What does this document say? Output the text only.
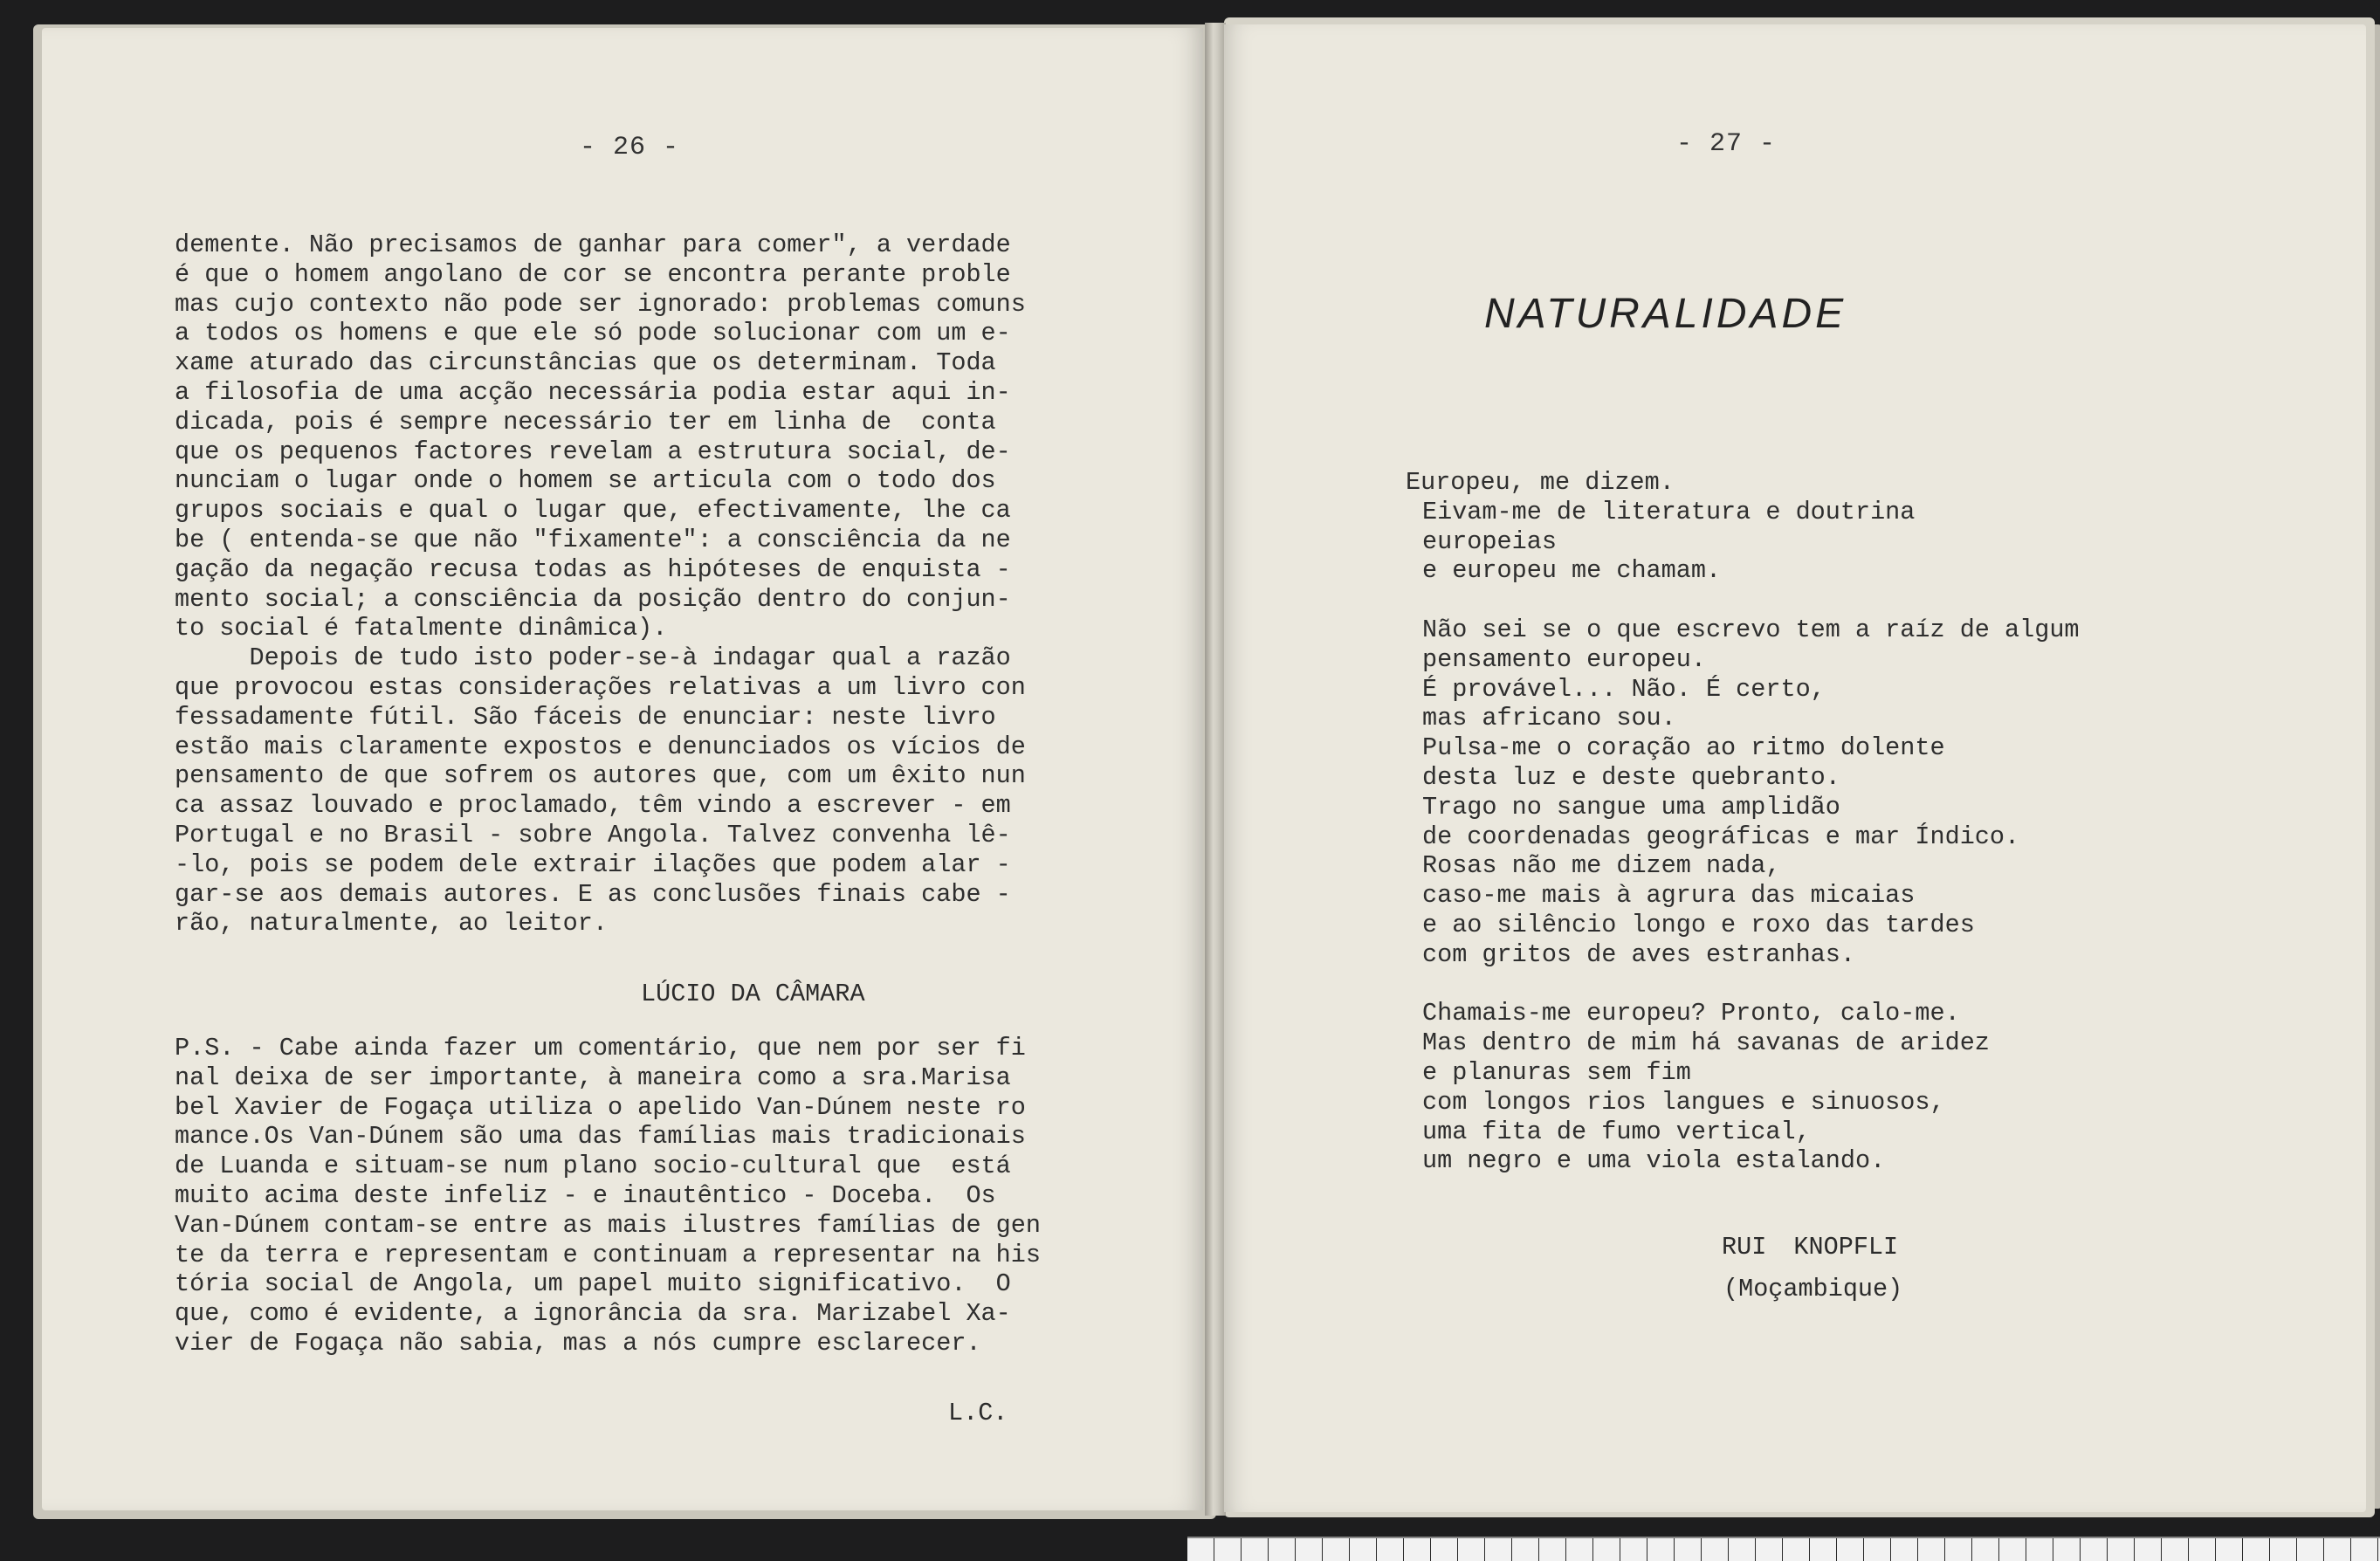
- 26 -
demente. Não precisamos de ganhar para comer", a verdade
é que o homem angolano de cor se encontra perante proble
mas cujo contexto não pode ser ignorado: problemas comuns
a todos os homens e que ele só pode solucionar com um e-
xame aturado das circunstâncias que os determinam. Toda
a filosofia de uma acção necessária podia estar aqui in-
dicada, pois é sempre necessário ter em linha de  conta
que os pequenos factores revelam a estrutura social, de-
nunciam o lugar onde o homem se articula com o todo dos
grupos sociais e qual o lugar que, efectivamente, lhe ca
be ( entenda-se que não "fixamente": a consciência da ne
gação da negação recusa todas as hipóteses de enquista -
mento social; a consciência da posição dentro do conjun-
to social é fatalmente dinâmica).
Depois de tudo isto poder-se-à indagar qual a razão
que provocou estas considerações relativas a um livro con
fessadamente fútil. São fáceis de enunciar: neste livro
estão mais claramente expostos e denunciados os vícios de
pensamento de que sofrem os autores que, com um êxito nun
ca assaz louvado e proclamado, têm vindo a escrever - em
Portugal e no Brasil - sobre Angola. Talvez convenha lê-
-lo, pois se podem dele extrair ilações que podem alar -
gar-se aos demais autores. E as conclusões finais cabe -
rão, naturalmente, ao leitor.
LÚCIO DA CÂMARA
P.S. - Cabe ainda fazer um comentário, que nem por ser fi
nal deixa de ser importante, à maneira como a sra.Marisa
bel Xavier de Fogaça utiliza o apelido Van-Dúnem neste ro
mance.Os Van-Dúnem são uma das famílias mais tradicionais
de Luanda e situam-se num plano socio-cultural que  está
muito acima deste infeliz - e inautêntico - Doceba.  Os
Van-Dúnem contam-se entre as mais ilustres famílias de gen
te da terra e representam e continuam a representar na his
tória social de Angola, um papel muito significativo.  O
que, como é evidente, a ignorância da sra. Marizabel Xa-
vier de Fogaça não sabia, mas a nós cumpre esclarecer.
L.C.
- 27 -
NATURALIDADE
Europeu, me dizem.
Eivam-me de literatura e doutrina
europeias
e europeu me chamam.

Não sei se o que escrevo tem a raíz de algum
pensamento europeu.
É provável... Não. É certo,
mas africano sou.
Pulsa-me o coração ao ritmo dolente
desta luz e deste quebranto.
Trago no sangue uma amplidão
de coordenadas geográficas e mar Índico.
Rosas não me dizem nada,
caso-me mais à agrura das micaias
e ao silêncio longo e roxo das tardes
com gritos de aves estranhas.

Chamais-me europeu? Pronto, calo-me.
Mas dentro de mim há savanas de aridez
e planuras sem fim
com longos rios langues e sinuosos,
uma fita de fumo vertical,
um negro e uma viola estalando.
RUI KNOPFLI
(Moçambique)
